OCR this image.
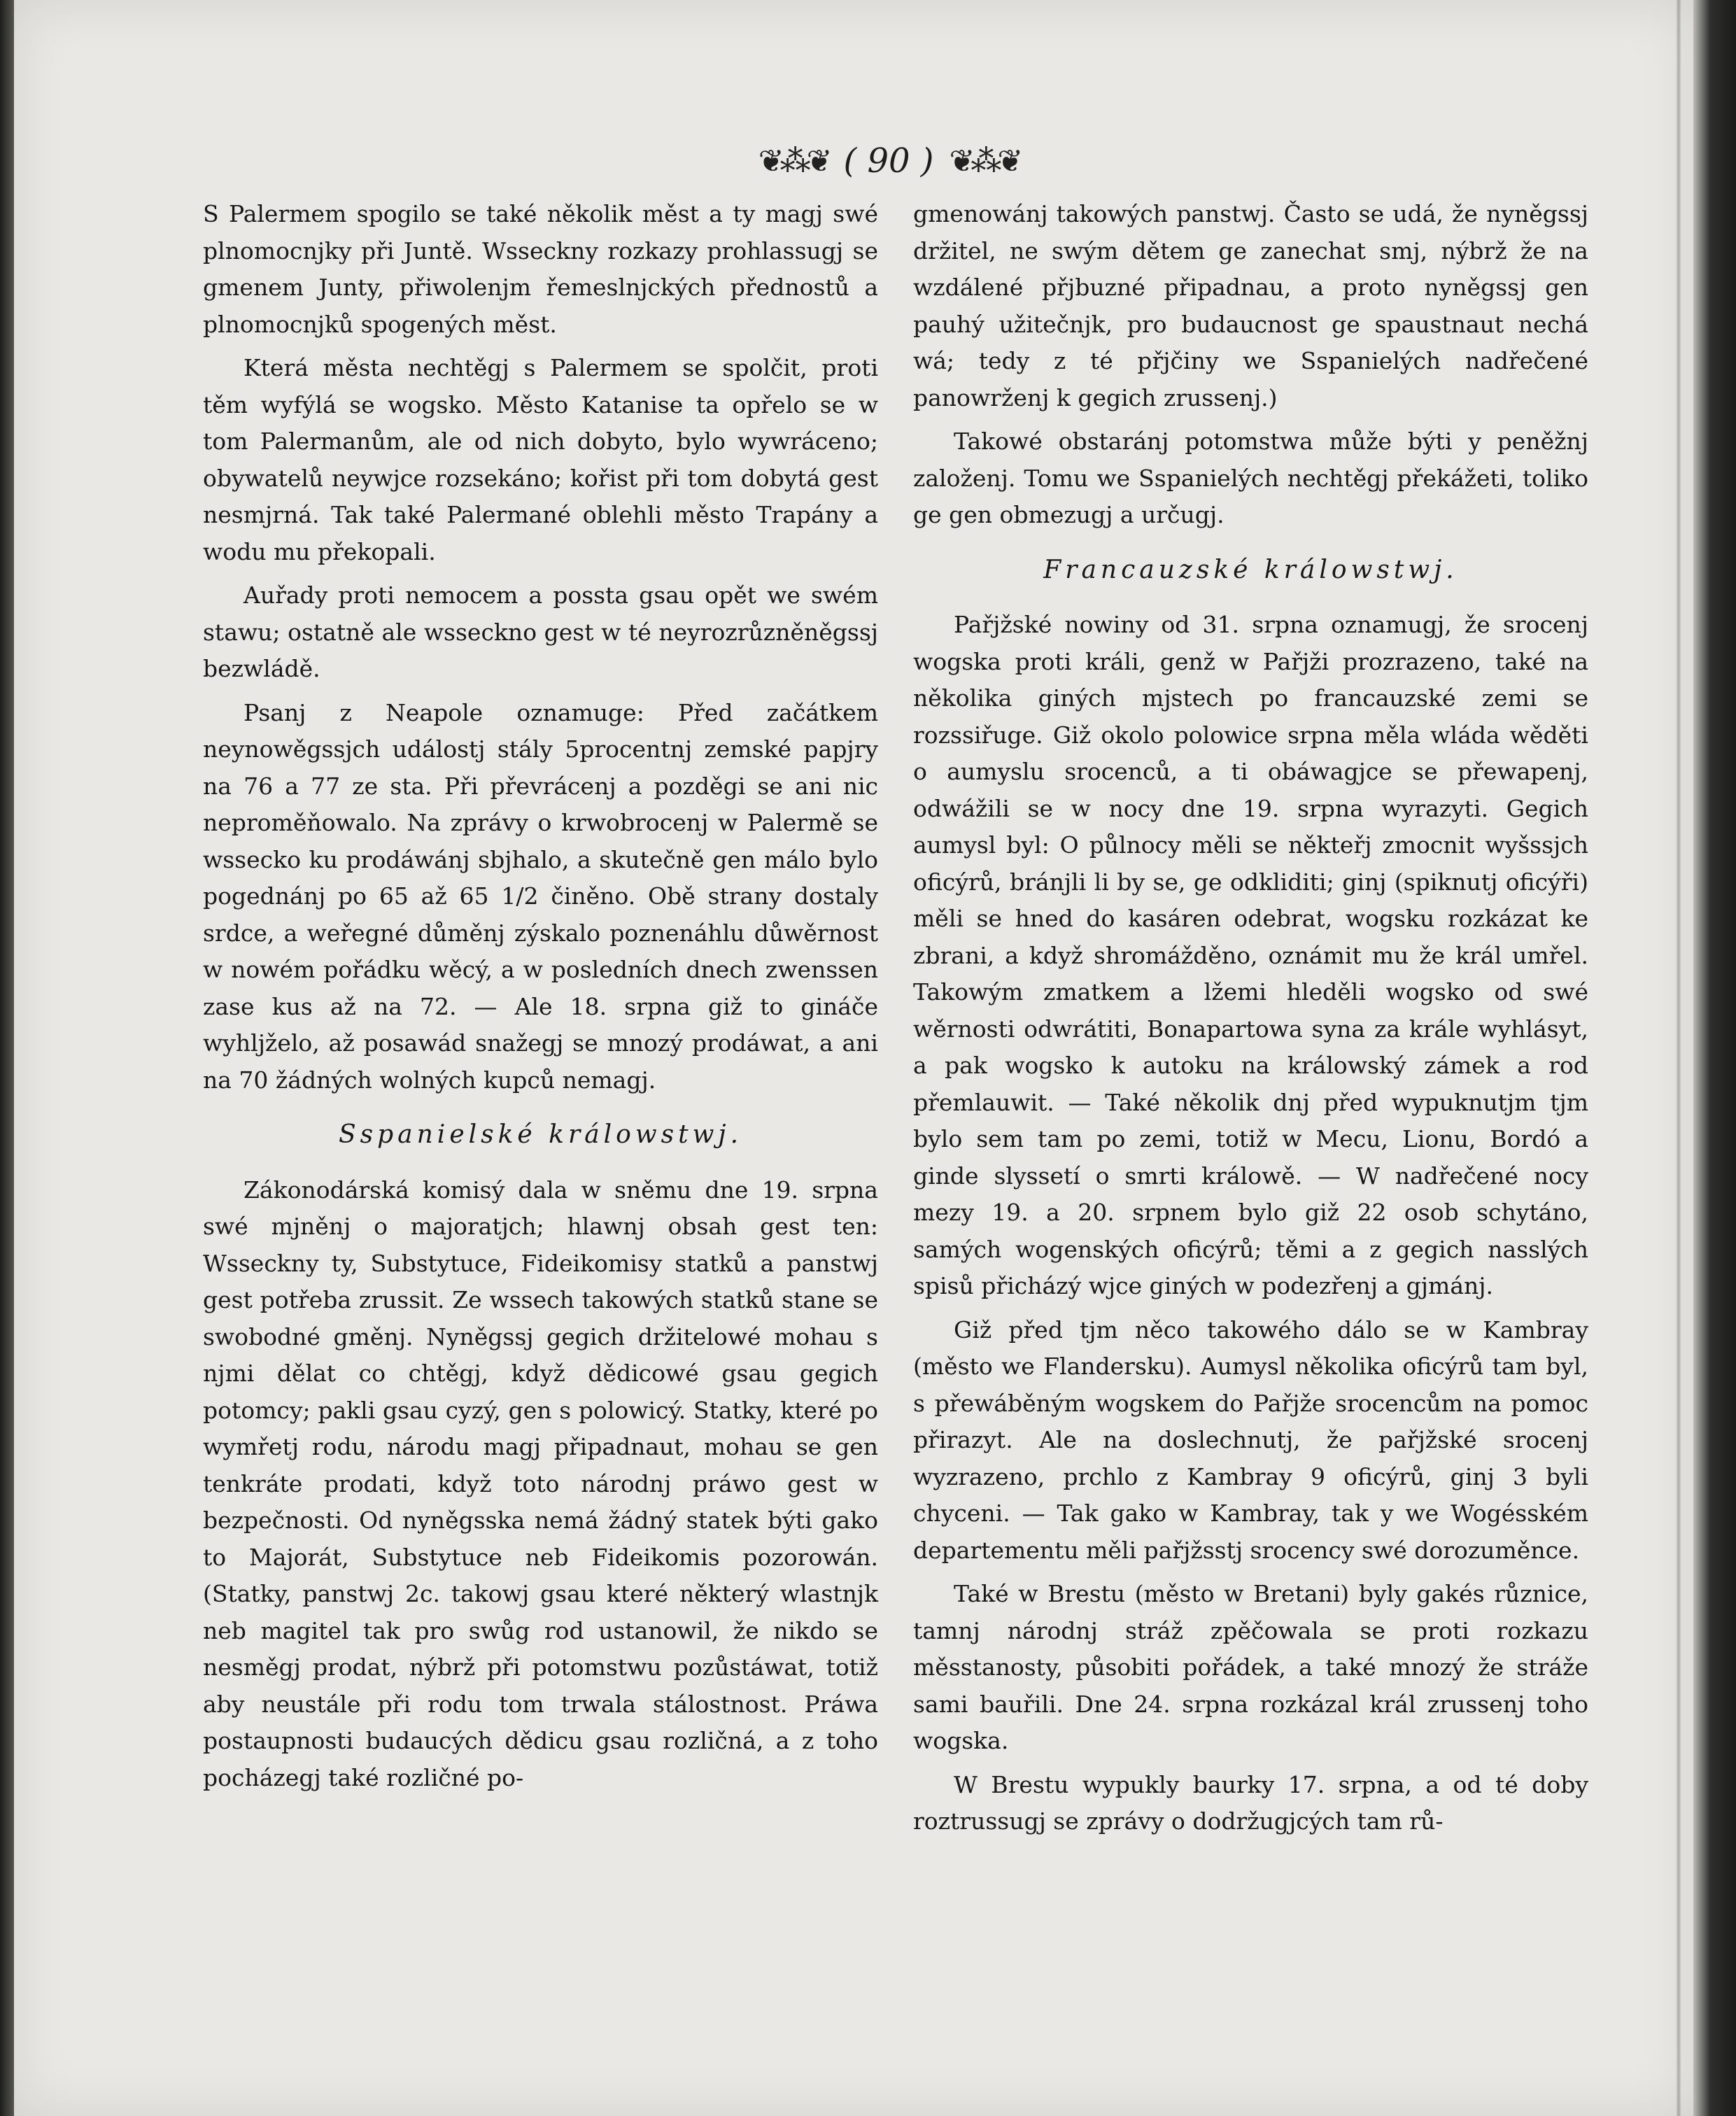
❦⁂❦ ( 90 ) ❦⁂❦

S Palermem spogilo se také několik měst a ty magj swé plnomocnjky při Juntě. Wsseckny rozkazy prohlassugj se gmenem Junty, přiwolenjm řemeslnjckých přednostů a plnomocnjků spogených měst.

Která města nechtěgj s Palermem se spolčit, proti těm wyfýlá se wogsko. Město Katanise ta opřelo se w tom Palermanům, ale od nich dobyto, bylo wywráceno; obywatelů neywjce rozsekáno; kořist při tom dobytá gest nesmjrná. Tak také Palermané oblehli město Trapány a wodu mu překopali.

Auřady proti nemocem a possta gsau opět we swém stawu; ostatně ale wsseckno gest w té neyrozrůzněněgssj bezwládě.

Psanj z Neapole oznamuge: Před začátkem neynowěgssjch událostj stály 5procentnj zemské papjry na 76 a 77 ze sta. Při převrácenj a pozděgi se ani nic neproměňowalo. Na zprávy o krwobrocenj w Palermě se wssecko ku prodáwánj sbjhalo, a skutečně gen málo bylo pogednánj po 65 až 65 1/2 činěno. Obě strany dostaly srdce, a weřegné důměnj zýskalo poznenáhlu důwěrnost w nowém pořádku wěcý, a w posledních dnech zwenssen zase kus až na 72. — Ale 18. srpna giž to gináče wyhljželo, až posawád snažegj se mnozý prodáwat, a ani na 70 žádných wolných kupců nemagj.

Sspanielské králowstwj.

Zákonodárská komisý dala w sněmu dne 19. srpna swé mjněnj o majoratjch; hlawnj obsah gest ten: Wsseckny ty, Substytuce, Fideikomisy statků a panstwj gest potřeba zrussit. Ze wssech takowých statků stane se swobodné gměnj. Nyněgssj gegich držitelowé mohau s njmi dělat co chtěgj, když dědicowé gsau gegich potomcy; pakli gsau cyzý, gen s polowicý. Statky, které po wymřetj rodu, národu magj připadnaut, mohau se gen tenkráte prodati, když toto národnj práwo gest w bezpečnosti. Od nyněgsska nemá žádný statek býti gako to Majorát, Substytuce neb Fideikomis pozorowán. (Statky, panstwj 2c. takowj gsau které některý wlastnjk neb magitel tak pro swůg rod ustanowil, že nikdo se nesměgj prodat, nýbrž při potomstwu pozůstáwat, totiž aby neustále při rodu tom trwala stálostnost. Práwa postaupnosti budaucých dědicu gsau rozličná, a z toho pocházegj také rozličné po-

gmenowánj takowých panstwj. Často se udá, že nyněgssj držitel, ne swým dětem ge zanechat smj, nýbrž že na wzdálené přjbuzné připadnau, a proto nyněgssj gen pauhý užitečnjk, pro budaucnost ge spaustnaut nechá wá; tedy z té přjčiny we Sspanielých nadřečené panowrženj k gegich zrussenj.)

Takowé obstaránj potomstwa může býti y peněžnj založenj. Tomu we Sspanielých nechtěgj překážeti, toliko ge gen obmezugj a určugj.

Francauzské králowstwj.

Pařjžské nowiny od 31. srpna oznamugj, že srocenj wogska proti králi, genž w Pařjži prozrazeno, také na několika giných mjstech po francauzské zemi se rozssiřuge. Giž okolo polowice srpna měla wláda wěděti o aumyslu srocenců, a ti obáwagjce se přewapenj, odwážili se w nocy dne 19. srpna wyrazyti. Gegich aumysl byl: O půlnocy měli se někteřj zmocnit wyšssjch oficýrů, bránjli li by se, ge odkliditi; ginj (spiknutj oficýři) měli se hned do kasáren odebrat, wogsku rozkázat ke zbrani, a když shromážděno, oznámit mu že král umřel. Takowým zmatkem a lžemi hleděli wogsko od swé wěrnosti odwrátiti, Bonapartowa syna za krále wyhlásyt, a pak wogsko k autoku na králowský zámek a rod přemlauwit. — Také několik dnj před wypuknutjm tjm bylo sem tam po zemi, totiž w Mecu, Lionu, Bordó a ginde slyssetí o smrti králowě. — W nadřečené nocy mezy 19. a 20. srpnem bylo giž 22 osob schytáno, samých wogenských oficýrů; těmi a z gegich nasslých spisů přicházý wjce giných w podezřenj a gjmánj.

Giž před tjm něco takowého dálo se w Kambray (město we Flandersku). Aumysl několika oficýrů tam byl, s přewáběným wogskem do Pařjže srocencům na pomoc přirazyt. Ale na doslechnutj, že pařjžské srocenj wyzrazeno, prchlo z Kambray 9 oficýrů, ginj 3 byli chyceni. — Tak gako w Kambray, tak y we Wogésském departementu měli pařjžsstj srocency swé dorozuměnce.

Také w Brestu (město w Bretani) byly gakés různice, tamnj národnj stráž zpěčowala se proti rozkazu měsstanosty, působiti pořádek, a také mnozý že stráže sami bauřili. Dne 24. srpna rozkázal král zrussenj toho wogska.

W Brestu wypukly baurky 17. srpna, a od té doby roztrussugj se zprávy o dodržugjcých tam rů-
